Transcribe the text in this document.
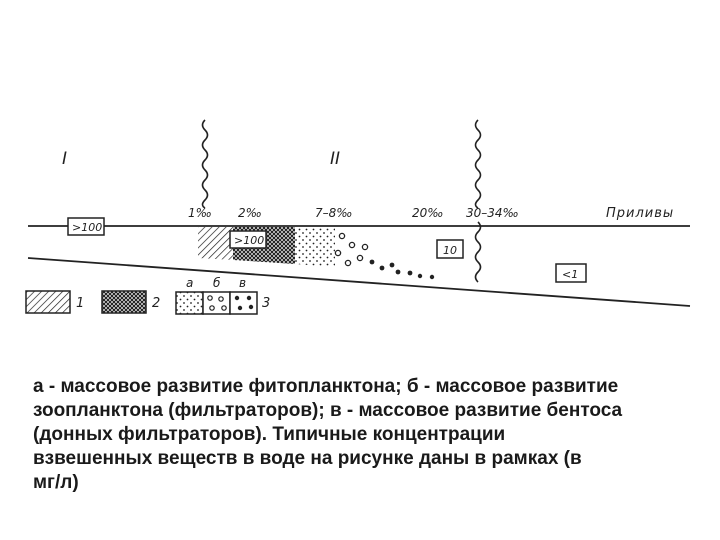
I	II
1‰ 2‰	7–8‰	20‰ 30–34‰	Приливы
>100
>100
10
<1
1	2
а б в
3
а - массовое развитие фитопланктона; б - массовое развитие
зоопланктона (фильтраторов); в - массовое развитие бентоса
(донных фильтраторов). Типичные концентрации
взвешенных веществ в воде на рисунке даны в рамках (в
мг/л)
